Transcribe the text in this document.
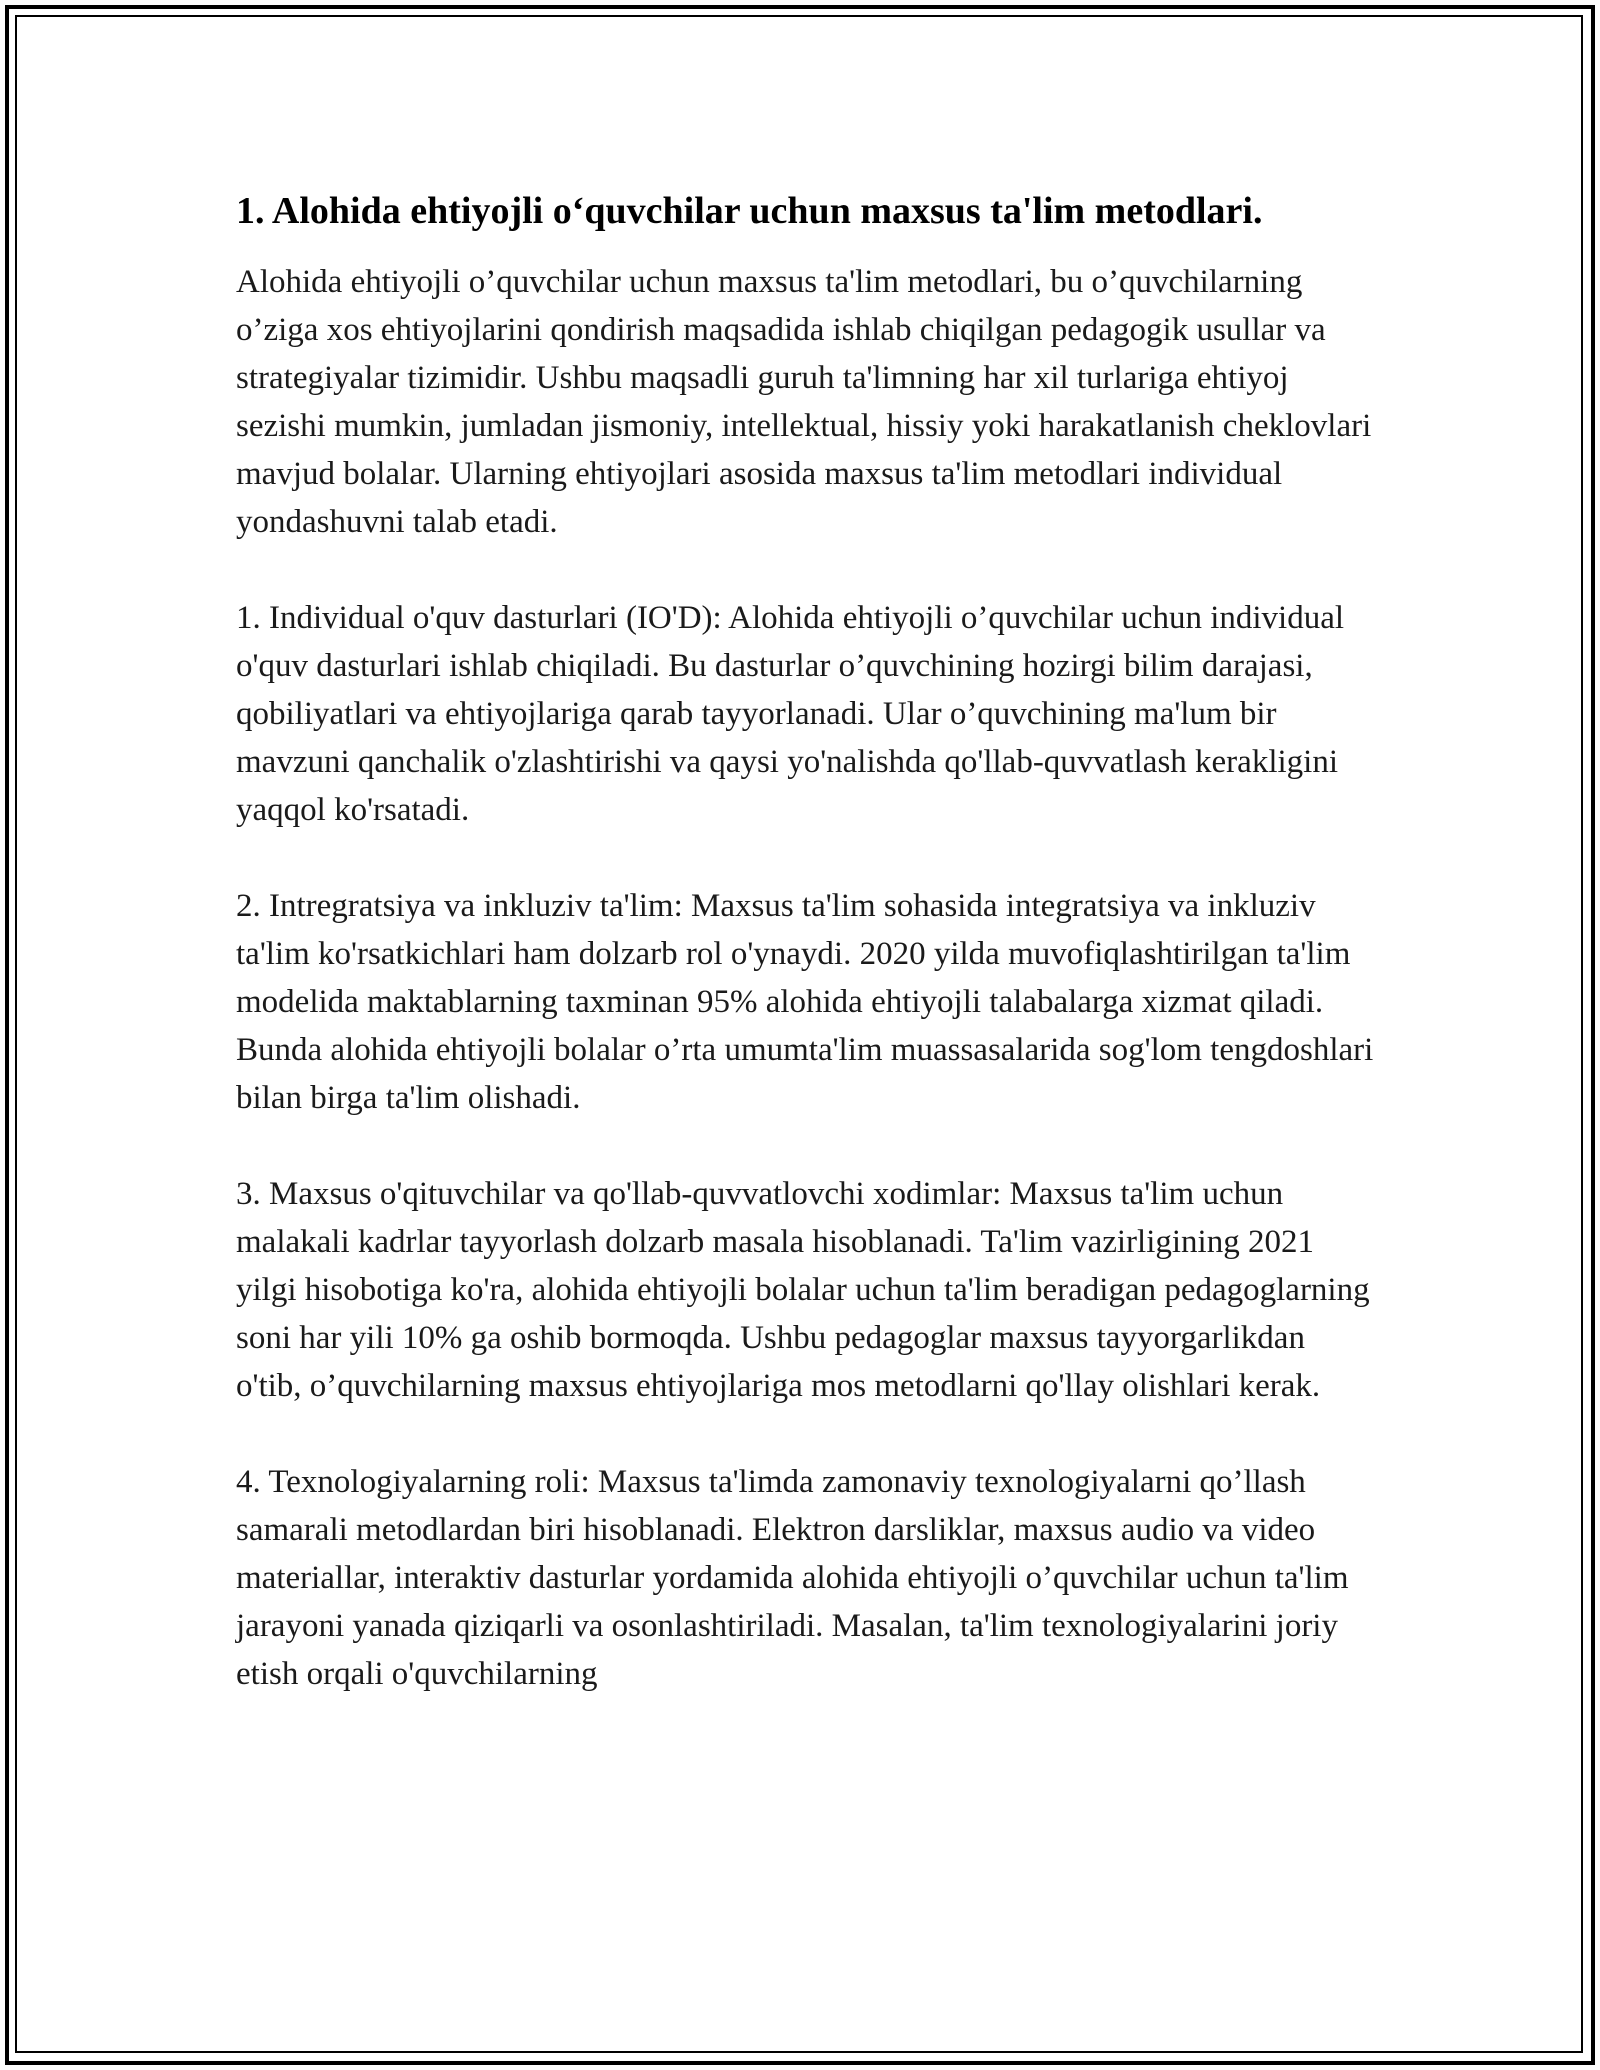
1. Alohida ehtiyojli o‘quvchilar uchun maxsus ta'lim metodlari.

Alohida ehtiyojli o’quvchilar uchun maxsus ta'lim metodlari, bu o’quvchilarning o’ziga xos ehtiyojlarini qondirish maqsadida ishlab chiqilgan pedagogik usullar va strategiyalar tizimidir. Ushbu maqsadli guruh ta'limning har xil turlariga ehtiyoj sezishi mumkin, jumladan jismoniy, intellektual, hissiy yoki harakatlanish cheklovlari mavjud bolalar. Ularning ehtiyojlari asosida maxsus ta'lim metodlari individual yondashuvni talab etadi.

1. Individual o'quv dasturlari (IO'D): Alohida ehtiyojli o’quvchilar uchun individual o'quv dasturlari ishlab chiqiladi. Bu dasturlar o’quvchining hozirgi bilim darajasi, qobiliyatlari va ehtiyojlariga qarab tayyorlanadi. Ular o’quvchining ma'lum bir mavzuni qanchalik o'zlashtirishi va qaysi yo'nalishda qo'llab-quvvatlash kerakligini yaqqol ko'rsatadi.

2. Intregratsiya va inkluziv ta'lim: Maxsus ta'lim sohasida integratsiya va inkluziv ta'lim ko'rsatkichlari ham dolzarb rol o'ynaydi. 2020 yilda muvofiqlashtirilgan ta'lim modelida maktablarning taxminan 95% alohida ehtiyojli talabalarga xizmat qiladi. Bunda alohida ehtiyojli bolalar o’rta umumta'lim muassasalarida sog'lom tengdoshlari bilan birga ta'lim olishadi.

3. Maxsus o'qituvchilar va qo'llab-quvvatlovchi xodimlar: Maxsus ta'lim uchun malakali kadrlar tayyorlash dolzarb masala hisoblanadi. Ta'lim vazirligining 2021 yilgi hisobotiga ko'ra, alohida ehtiyojli bolalar uchun ta'lim beradigan pedagoglarning soni har yili 10% ga oshib bormoqda. Ushbu pedagoglar maxsus tayyorgarlikdan o'tib, o’quvchilarning maxsus ehtiyojlariga mos metodlarni qo'llay olishlari kerak.

4. Texnologiyalarning roli: Maxsus ta'limda zamonaviy texnologiyalarni qo’llash samarali metodlardan biri hisoblanadi. Elektron darsliklar, maxsus audio va video materiallar, interaktiv dasturlar yordamida alohida ehtiyojli o’quvchilar uchun ta'lim jarayoni yanada qiziqarli va osonlashtiriladi. Masalan, ta'lim texnologiyalarini joriy etish orqali o'quvchilarning
